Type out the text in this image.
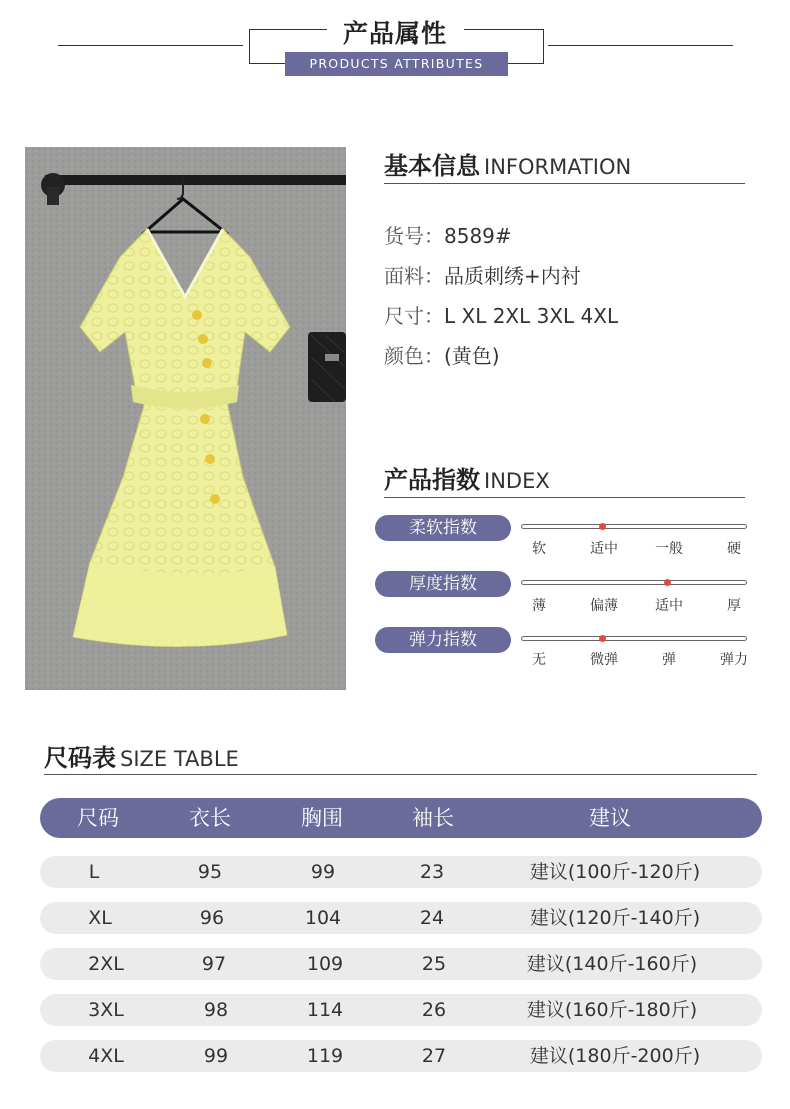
产品属性
PRODUCTS ATTRIBUTES
基本信息 INFORMATION
货号：8589#
面料：品质刺绣+内衬
尺寸：L XL 2XL 3XL 4XL
颜色：(黄色)
产品指数 INDEX
柔软指数
软	适中	一般	硬
厚度指数
薄	偏薄	适中	厚
弹力指数
无	微弹	弹	弹力
尺码表 SIZE TABLE
尺码	衣长	胸围	袖长	建议
L	95	99	23	建议(100斤-120斤)
XL	96	104	24	建议(120斤-140斤)
2XL	97	109	25	建议(140斤-160斤)
3XL	98	114	26	建议(160斤-180斤)
4XL	99	119	27	建议(180斤-200斤)
